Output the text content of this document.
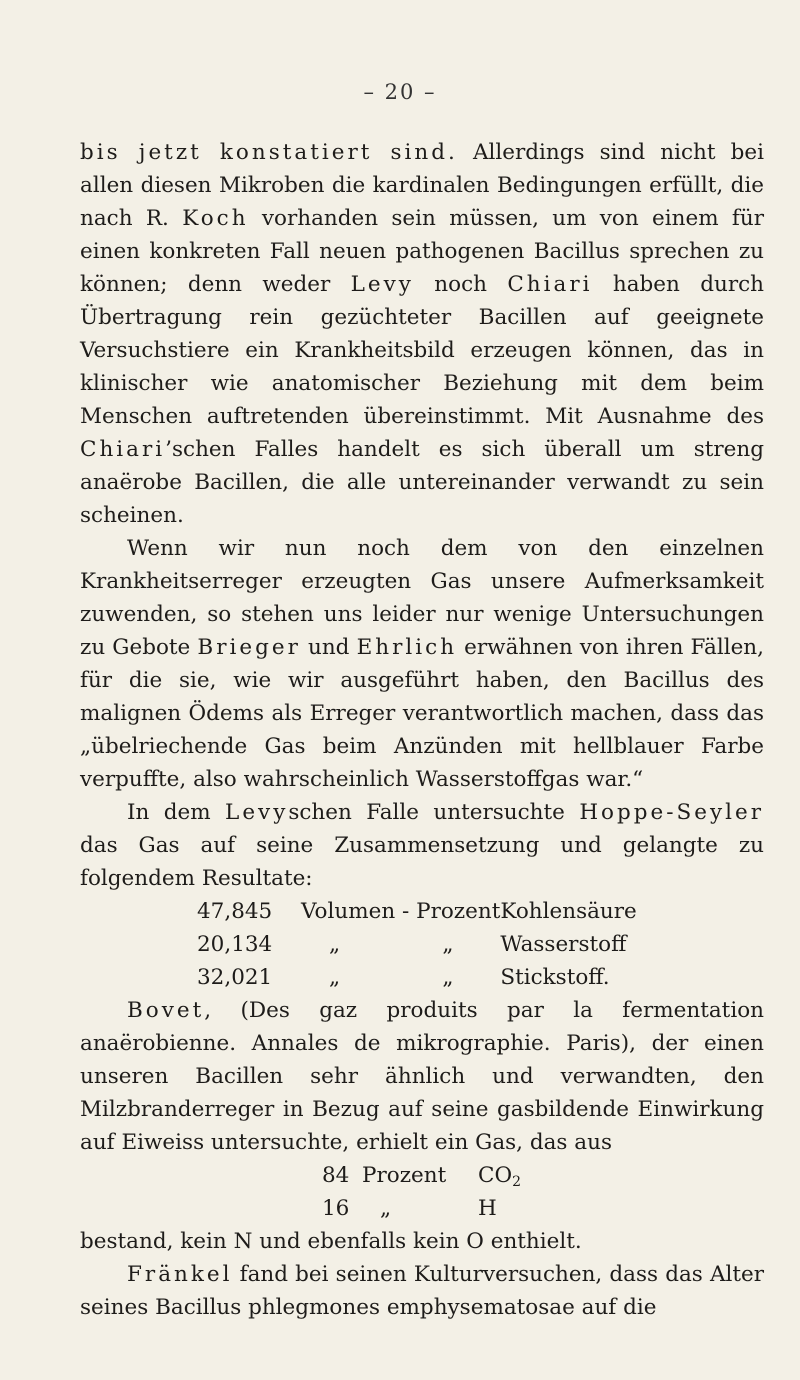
– 20 –

bis jetzt konstatiert sind. Allerdings sind nicht bei allen diesen Mikroben die kardinalen Bedingungen erfüllt, die nach R. Koch vorhanden sein müssen, um von einem für einen konkreten Fall neuen pathogenen Bacillus sprechen zu können; denn weder Levy noch Chiari haben durch Übertragung rein gezüchteter Bacillen auf geeignete Versuchstiere ein Krankheitsbild erzeugen können, das in klinischer wie anatomischer Beziehung mit dem beim Menschen auftretenden übereinstimmt. Mit Ausnahme des Chiari’schen Falles handelt es sich überall um streng anaërobe Bacillen, die alle untereinander verwandt zu sein scheinen.

Wenn wir nun noch dem von den einzelnen Krankheitserreger erzeugten Gas unsere Aufmerksamkeit zuwenden, so stehen uns leider nur wenige Untersuchungen zu Gebote Brieger und Ehrlich erwähnen von ihren Fällen, für die sie, wie wir ausgeführt haben, den Bacillus des malignen Ödems als Erreger verantwortlich machen, dass das „übelriechende Gas beim Anzünden mit hellblauer Farbe verpuffte, also wahrscheinlich Wasserstoffgas war.“

In dem Levyschen Falle untersuchte Hoppe-Seyler das Gas auf seine Zusammensetzung und gelangte zu folgendem Resultate:

47,845	Volumen - Prozent		Kohlensäure
20,134	„	„	Wasserstoff
32,021	„	„	Stickstoff.

Bovet, (Des gaz produits par la fermentation anaërobienne. Annales de mikrographie. Paris), der einen unseren Bacillen sehr ähnlich und verwandten, den Milzbranderreger in Bezug auf seine gasbildende Einwirkung auf Eiweiss untersuchte, erhielt ein Gas, das aus

84	Prozent	$CO_2$
16	„	H

bestand, kein N und ebenfalls kein O enthielt.

Fränkel fand bei seinen Kulturversuchen, dass das Alter seines Bacillus phlegmones emphysematosae auf die
